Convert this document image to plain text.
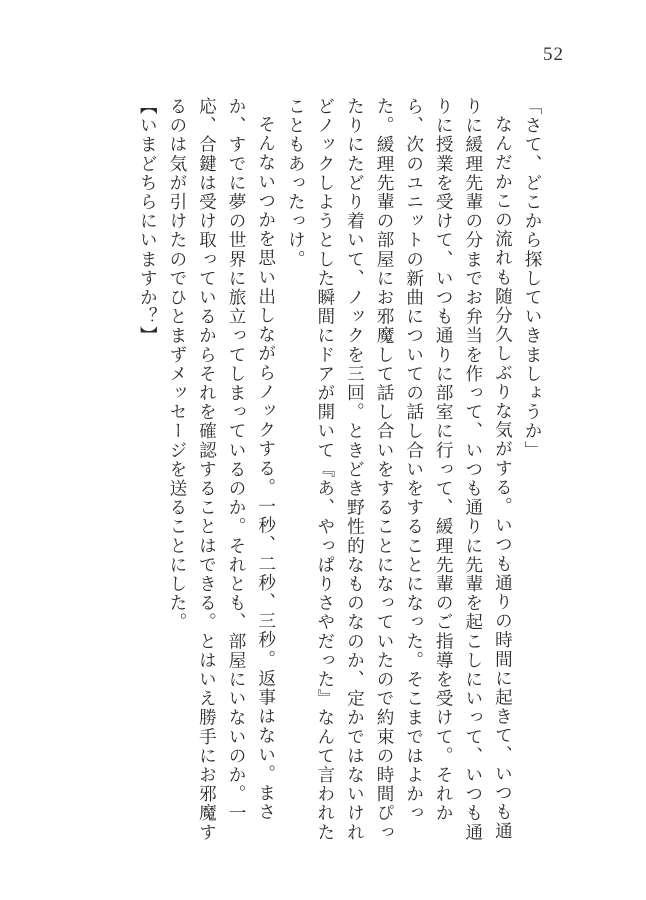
52

「さて、どこから探していきましょうか」

なんだかこの流れも随分久しぶりな気がする。いつも通りの時間に起きて、いつも通りに緩理先輩の分までお弁当を作って、いつも通りに先輩を起こしにいって、いつも通りに授業を受けて、いつも通りに部室に行って、緩理先輩のご指導を受けて。それから、次のユニットの新曲についての話し合いをすることになった。そこまではよかった。緩理先輩の部屋にお邪魔して話し合いをすることになっていたので約束の時間ぴったりにたどり着いて、ノックを三回。ときどき野性的なものなのか、定かではないけれどノックしようとした瞬間にドアが開いて『あ、やっぱりさやだった』なんて言われたこともあったっけ。

そんないつかを思い出しながらノックする。一秒、二秒、三秒。返事はない。まさか、すでに夢の世界に旅立ってしまっているのか。それとも、部屋にいないのか。一応、合鍵は受け取っているからそれを確認することはできる。とはいえ勝手にお邪魔するのは気が引けたのでひとまずメッセージを送ることにした。

【いまどちらにいますか？】
